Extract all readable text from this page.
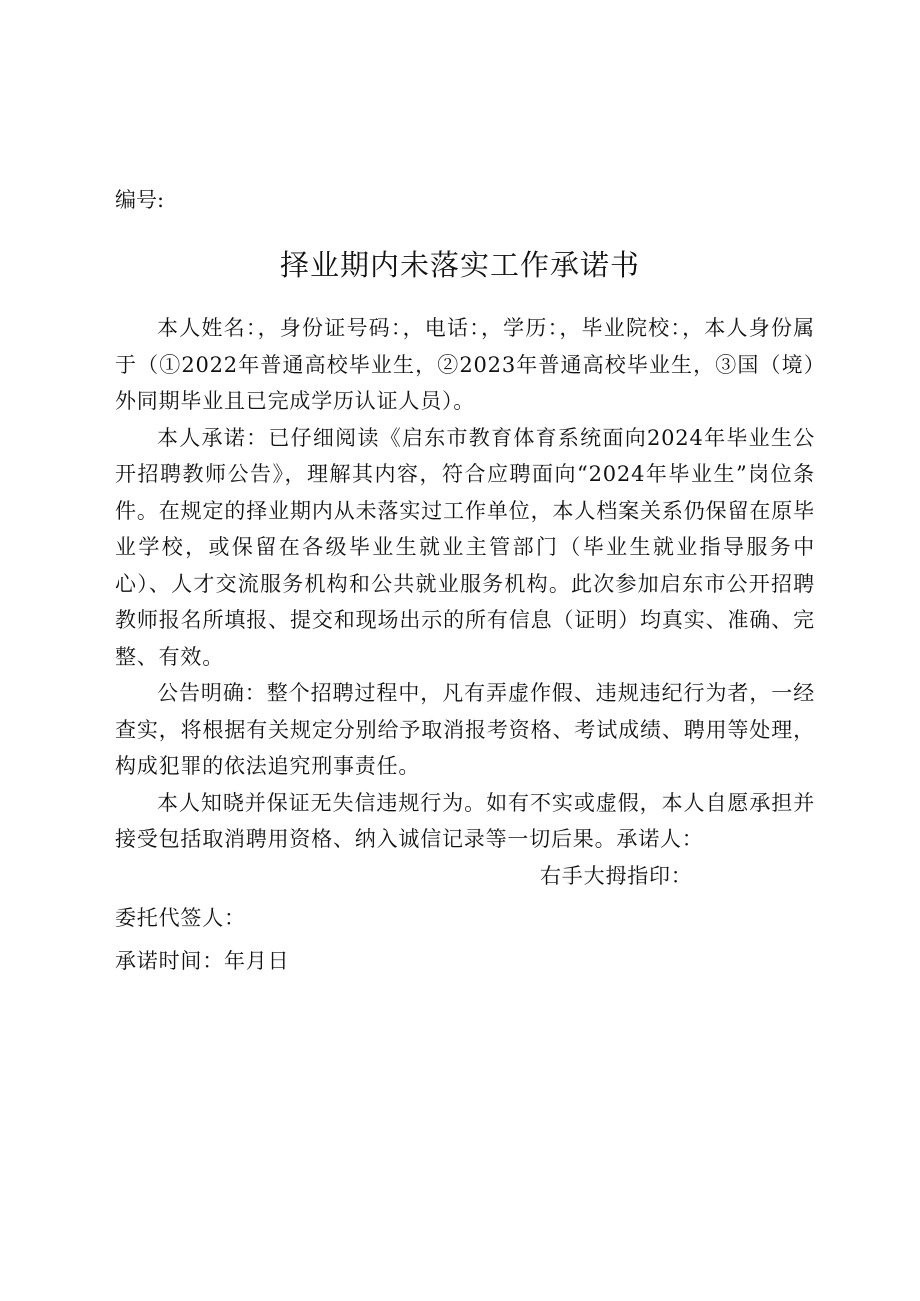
编号:
择业期内未落实工作承诺书

本人姓名：，身份证号码：，电话：，学历：，毕业院校：，本人身份属于（①2022年普通高校毕业生，②2023年普通高校毕业生，③国（境）外同期毕业且已完成学历认证人员）。

本人承诺：已仔细阅读《启东市教育体育系统面向2024年毕业生公开招聘教师公告》，理解其内容，符合应聘面向“2024年毕业生”岗位条件。在规定的择业期内从未落实过工作单位，本人档案关系仍保留在原毕业学校，或保留在各级毕业生就业主管部门（毕业生就业指导服务中心）、人才交流服务机构和公共就业服务机构。此次参加启东市公开招聘教师报名所填报、提交和现场出示的所有信息（证明）均真实、准确、完整、有效。

公告明确：整个招聘过程中，凡有弄虚作假、违规违纪行为者，一经查实，将根据有关规定分别给予取消报考资格、考试成绩、聘用等处理，构成犯罪的依法追究刑事责任。

本人知晓并保证无失信违规行为。如有不实或虚假，本人自愿承担并接受包括取消聘用资格、纳入诚信记录等一切后果。承诺人：

右手大拇指印：

委托代签人：

承诺时间：年月日
